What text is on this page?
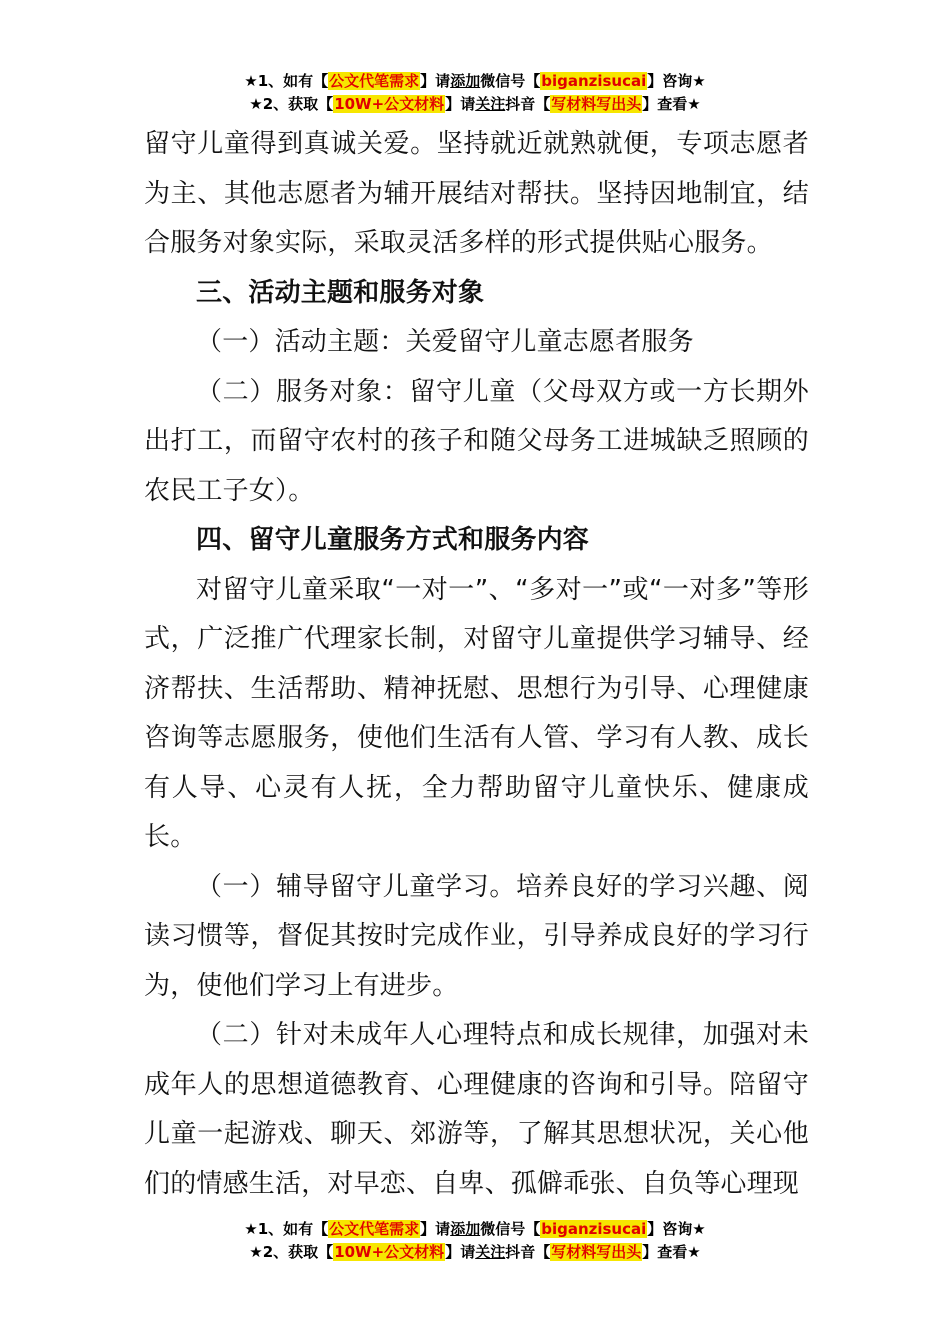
★1、如有【公文代笔需求】请添加微信号【biganzisucai】咨询★
★2、获取【10W+公文材料】请关注抖音【写材料写出头】查看★

留守儿童得到真诚关爱。坚持就近就熟就便，专项志愿者为主、其他志愿者为辅开展结对帮扶。坚持因地制宜，结合服务对象实际，采取灵活多样的形式提供贴心服务。

三、活动主题和服务对象

（一）活动主题：关爱留守儿童志愿者服务

（二）服务对象：留守儿童（父母双方或一方长期外出打工，而留守农村的孩子和随父母务工进城缺乏照顾的农民工子女）。

四、留守儿童服务方式和服务内容

对留守儿童采取“一对一”、“多对一”或“一对多”等形式，广泛推广代理家长制，对留守儿童提供学习辅导、经济帮扶、生活帮助、精神抚慰、思想行为引导、心理健康咨询等志愿服务，使他们生活有人管、学习有人教、成长有人导、心灵有人抚，全力帮助留守儿童快乐、健康成长。

（一）辅导留守儿童学习。培养良好的学习兴趣、阅读习惯等，督促其按时完成作业，引导养成良好的学习行为，使他们学习上有进步。

（二）针对未成年人心理特点和成长规律，加强对未成年人的思想道德教育、心理健康的咨询和引导。陪留守儿童一起游戏、聊天、郊游等，了解其思想状况，关心他们的情感生活，对早恋、自卑、孤僻乖张、自负等心理现

★1、如有【公文代笔需求】请添加微信号【biganzisucai】咨询★
★2、获取【10W+公文材料】请关注抖音【写材料写出头】查看★
